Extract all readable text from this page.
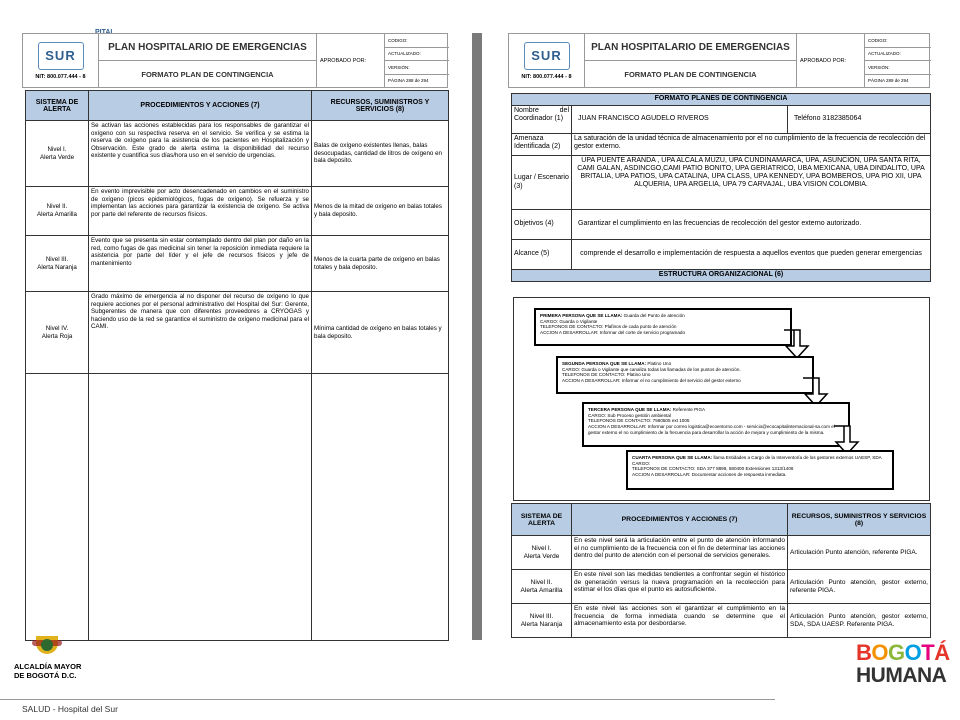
PITAL
SUR
NIT: 800.077.444 - 8
PLAN HOSPITALARIO DE EMERGENCIAS
FORMATO PLAN DE CONTINGENCIA
APROBADO POR:
CODIGO:
ACTUALIZADO:
VERSIÓN:
PÁGINA 288 de 294
SISTEMA DE ALERTA	PROCEDIMIENTOS Y ACCIONES (7)	RECURSOS, SUMINISTROS Y SERVICIOS (8)

Nivel I.
Alerta Verde	Se activan las acciones establecidas para los responsables de garantizar el oxígeno con su respectiva reserva en el servicio. Se verifica y se estima la reserva de oxígeno para la asistencia de los pacientes en Hospitalización y Observación. Este grado de alerta estima la disponibilidad del recurso existente y cuantifica sus días/hora uso en el servicio de urgencias.	Balas de oxígeno existentes llenas, balas desocupadas, cantidad de litros de oxígeno en bala deposito.

Nivel II.
Alerta Amarilla	En evento imprevisible por acto desencadenado en cambios en el suministro de oxígeno (picos epidemiológicos, fugas de oxígeno). Se refuerza y se implementan las acciones para garantizar la existencia de oxígeno. Se activa por parte del referente de recursos físicos.	Menos de la mitad de oxígeno en balas totales y bala deposito.

Nivel III.
Alerta Naranja	Evento que se presenta sin estar contemplado dentro del plan por daño en la red, como fugas de gas medicinal sin tener la reposición inmediata requiere la asistencia por parte del líder y el jefe de recursos físicos y jefe de mantenimiento	Menos de la cuarta parte de oxígeno en balas totales y bala deposito.

Nivel IV.
Alerta Roja	Grado máximo de emergencia al no disponer del recurso de oxígeno lo que requiere acciones por el personal administrativo del Hospital del Sur: Gerente, Subgerentes de manera que con diferentes proveedores a CRYOGAS y haciendo uso de la red se garantice el suministro de oxígeno medicinal para el CAMI.	Mínima cantidad de oxígeno en balas totales y bala deposito.

SUR
NIT: 800.077.444 - 8
PLAN HOSPITALARIO DE EMERGENCIAS
FORMATO PLAN DE CONTINGENCIA
APROBADO POR:
CODIGO:
ACTUALIZADO:
VERSIÓN:
PÁGINA 289 de 294
FORMATO PLANES DE CONTINGENCIA		
Nombre del Coordinador (1)	JUAN FRANCISCO AGUDELO RIVEROS	Teléfono 3182385064
Amenaza Identificada (2)	La saturación de la unidad técnica de almacenamiento por el no cumplimiento de la frecuencia de recolección del gestor externo.	
Lugar / Escenario (3)	UPA PUENTE ARANDA , UPA ALCALA MUZU, UPA CUNDINAMARCA, UPA, ASUNCION, UPA SANTA RITA, CAMI GALAN, ASDINCGO,CAMI PATIO BONITO, UPA GERIATRICO, UBA MEXICANA, UBA DINDALITO, UPA BRITALIA, UPA PATIOS, UPA CATALINA, UPA CLASS, UPA KENNEDY, UPA BOMBEROS, UPA PIO XII, UPA ALQUERIA, UPA ARGELIA, UPA 79 CARVAJAL, UBA VISION COLOMBIA.	
Objetivos (4)	Garantizar el cumplimiento en las frecuencias de recolección del gestor externo autorizado.	
Alcance (5)	comprende el desarrollo e implementación de respuesta a aquellos eventos que pueden generar emergencias	
ESTRUCTURA ORGANIZACIONAL (6)		
PRIMERA PERSONA QUE SE LLAMA: Guarda del Punto de atención
CARGO: Guarda o Vigilante
TELEFONOS DE CONTACTO: Plafinos de cada punto de atención
ACCION A DESARROLLAR: Informar del corte de servicio programado
SEGUNDA PERSONA QUE SE LLAMA: Platino Uno
CARGO: Guarda o Vigilante que canaliza todas las llamadas de los puntos de atención.
TELEFONOS DE CONTACTO: Platino Uno
ACCION A DESARROLLAR: Informar el no cumplimiento del servicio del gestor externo
TERCERA PERSONA QUE SE LLAMA: Referente PIGA
CARGO: Sub Proceso gestión ambiental
TELEFONOS DE CONTACTO: 7580505 ext 1005
ACCION A DESARROLLAR: Informar por correo logistica@ecoentorno.com - servicio@ecocapitalinternacional-sa.com el gestor externo el no cumplimiento de la frecuencia para desarrollar la acción de mejora y cumplimiento de la misma.
CUARTA PERSONA QUE SE LLAMA: llama Entidades a Cargo de la Interventoría de los gestores externos UAESP, SDA
CARGO:
TELEFONOS DE CONTACTO: SDA 377 8899, 580400 Extensiones 1313/1406
ACCION A DESARROLLAR: Documentar acciones de respuesta inmediata.
SISTEMA DE ALERTA	PROCEDIMIENTOS Y ACCIONES (7)	RECURSOS, SUMINISTROS Y SERVICIOS (8)

Nivel I.
Alerta Verde	En este nivel será la articulación entre el punto de atención informando el no cumplimiento de la frecuencia con el fin de determinar las acciones dentro del punto de atención con el personal de servicios generales.	Articulación Punto atención, referente PIGA.

Nivel II.
Alerta Amarilla	En este nivel son las medidas tendientes a confrontar según el histórico de generación versus la nueva programación en la recolección para estimar el los días que el punto es autosuficiente.	Articulación Punto atención, gestor externo, referente PIGA.

Nivel III.
Alerta Naranja	En este nivel las acciones son el garantizar el cumplimiento en la frecuencia de forma inmediata cuando se determine que el almacenamiento esta por desbordarse.	Articulación Punto atención, gestor externo, SDA, SDA UAESP. Referente PIGA.
ALCALDÍA MAYOR
DE BOGOTÁ D.C.
SALUD - Hospital del Sur
BOGOTÁ
HUMANA
